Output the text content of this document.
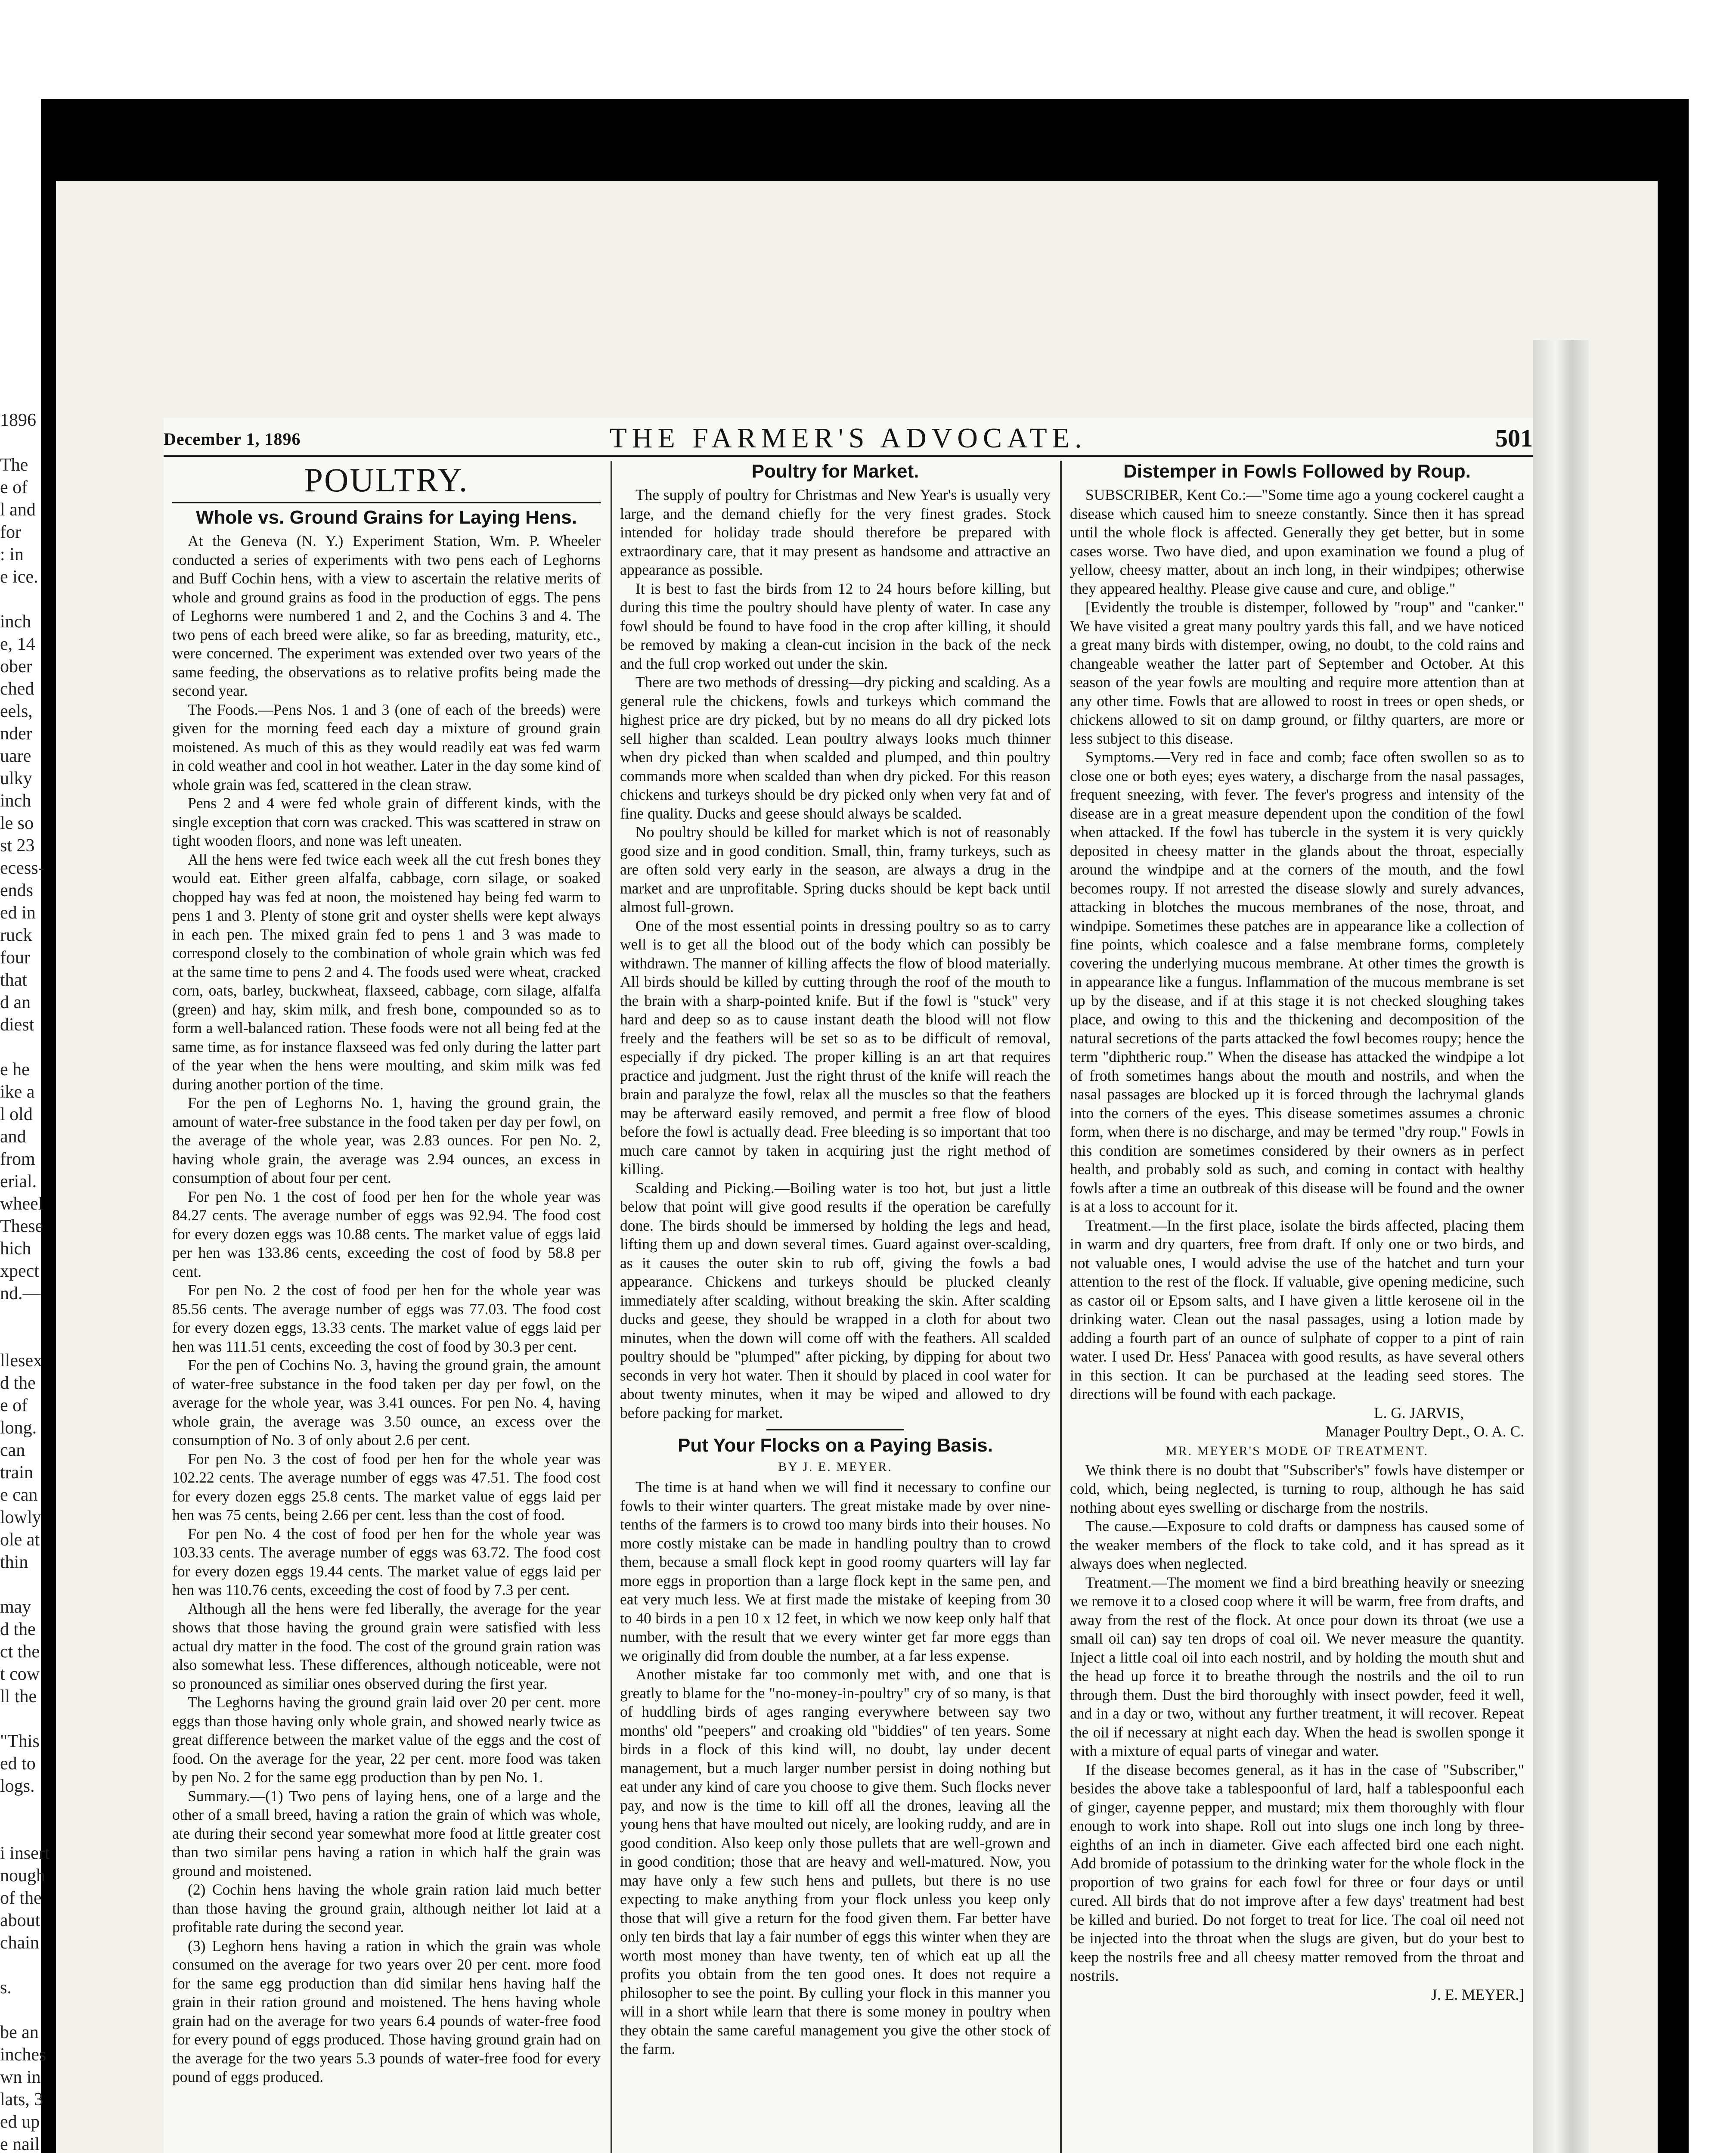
1896

The
e of
l and
for
: in
e ice.

inch
e, 14
ober
ched
eels,
nder
uare
ulky
inch
le so
st 23
ecess-
ends
ed in
ruck
four
that
d an
diest

e he
ike a
l old
and
from
erial.
wheel
These
hich
xpect
nd.—

llesex
d the
e of
long.
can
train
e can
lowly
ole at
thin

may
d the
ct the
t cow
ll the

"This
ed to
logs.

i insert
nough
of the
about
chain

s.

be an
inches
wn in
lats, 3
ed up
e nail

December 1, 1896	THE FARMER'S ADVOCATE.	501
POULTRY.
Whole vs. Ground Grains for Laying Hens.

At the Geneva (N. Y.) Experiment Station, Wm. P. Wheeler conducted a series of experiments with two pens each of Leghorns and Buff Cochin hens, with a view to ascertain the relative merits of whole and ground grains as food in the production of eggs. The pens of Leghorns were numbered 1 and 2, and the Cochins 3 and 4. The two pens of each breed were alike, so far as breeding, maturity, etc., were concerned. The experiment was extended over two years of the same feeding, the observations as to relative profits being made the second year.

The Foods.—Pens Nos. 1 and 3 (one of each of the breeds) were given for the morning feed each day a mixture of ground grain moistened. As much of this as they would readily eat was fed warm in cold weather and cool in hot weather. Later in the day some kind of whole grain was fed, scattered in the clean straw.

Pens 2 and 4 were fed whole grain of different kinds, with the single exception that corn was cracked. This was scattered in straw on tight wooden floors, and none was left uneaten.

All the hens were fed twice each week all the cut fresh bones they would eat. Either green alfalfa, cabbage, corn silage, or soaked chopped hay was fed at noon, the moistened hay being fed warm to pens 1 and 3. Plenty of stone grit and oyster shells were kept always in each pen. The mixed grain fed to pens 1 and 3 was made to correspond closely to the combination of whole grain which was fed at the same time to pens 2 and 4. The foods used were wheat, cracked corn, oats, barley, buckwheat, flaxseed, cabbage, corn silage, alfalfa (green) and hay, skim milk, and fresh bone, compounded so as to form a well-balanced ration. These foods were not all being fed at the same time, as for instance flaxseed was fed only during the latter part of the year when the hens were moulting, and skim milk was fed during another portion of the time.

For the pen of Leghorns No. 1, having the ground grain, the amount of water-free substance in the food taken per day per fowl, on the average of the whole year, was 2.83 ounces. For pen No. 2, having whole grain, the average was 2.94 ounces, an excess in consumption of about four per cent.

For pen No. 1 the cost of food per hen for the whole year was 84.27 cents. The average number of eggs was 92.94. The food cost for every dozen eggs was 10.88 cents. The market value of eggs laid per hen was 133.86 cents, exceeding the cost of food by 58.8 per cent.

For pen No. 2 the cost of food per hen for the whole year was 85.56 cents. The average number of eggs was 77.03. The food cost for every dozen eggs, 13.33 cents. The market value of eggs laid per hen was 111.51 cents, exceeding the cost of food by 30.3 per cent.

For the pen of Cochins No. 3, having the ground grain, the amount of water-free substance in the food taken per day per fowl, on the average for the whole year, was 3.41 ounces. For pen No. 4, having whole grain, the average was 3.50 ounce, an excess over the consumption of No. 3 of only about 2.6 per cent.

For pen No. 3 the cost of food per hen for the whole year was 102.22 cents. The average number of eggs was 47.51. The food cost for every dozen eggs 25.8 cents. The market value of eggs laid per hen was 75 cents, being 2.66 per cent. less than the cost of food.

For pen No. 4 the cost of food per hen for the whole year was 103.33 cents. The average number of eggs was 63.72. The food cost for every dozen eggs 19.44 cents. The market value of eggs laid per hen was 110.76 cents, exceeding the cost of food by 7.3 per cent.

Although all the hens were fed liberally, the average for the year shows that those having the ground grain were satisfied with less actual dry matter in the food. The cost of the ground grain ration was also somewhat less. These differences, although noticeable, were not so pronounced as similiar ones observed during the first year.

The Leghorns having the ground grain laid over 20 per cent. more eggs than those having only whole grain, and showed nearly twice as great difference between the market value of the eggs and the cost of food. On the average for the year, 22 per cent. more food was taken by pen No. 2 for the same egg production than by pen No. 1.

Summary.—(1) Two pens of laying hens, one of a large and the other of a small breed, having a ration the grain of which was whole, ate during their second year somewhat more food at little greater cost than two similar pens having a ration in which half the grain was ground and moistened.

(2) Cochin hens having the whole grain ration laid much better than those having the ground grain, although neither lot laid at a profitable rate during the second year.

(3) Leghorn hens having a ration in which the grain was whole consumed on the average for two years over 20 per cent. more food for the same egg production than did similar hens having half the grain in their ration ground and moistened. The hens having whole grain had on the average for two years 6.4 pounds of water-free food for every pound of eggs produced. Those having ground grain had on the average for the two years 5.3 pounds of water-free food for every pound of eggs produced.

Poultry for Market.

The supply of poultry for Christmas and New Year's is usually very large, and the demand chiefly for the very finest grades. Stock intended for holiday trade should therefore be prepared with extraordinary care, that it may present as handsome and attractive an appearance as possible.

It is best to fast the birds from 12 to 24 hours before killing, but during this time the poultry should have plenty of water. In case any fowl should be found to have food in the crop after killing, it should be removed by making a clean-cut incision in the back of the neck and the full crop worked out under the skin.

There are two methods of dressing—dry picking and scalding. As a general rule the chickens, fowls and turkeys which command the highest price are dry picked, but by no means do all dry picked lots sell higher than scalded. Lean poultry always looks much thinner when dry picked than when scalded and plumped, and thin poultry commands more when scalded than when dry picked. For this reason chickens and turkeys should be dry picked only when very fat and of fine quality. Ducks and geese should always be scalded.

No poultry should be killed for market which is not of reasonably good size and in good condition. Small, thin, framy turkeys, such as are often sold very early in the season, are always a drug in the market and are unprofitable. Spring ducks should be kept back until almost full-grown.

One of the most essential points in dressing poultry so as to carry well is to get all the blood out of the body which can possibly be withdrawn. The manner of killing affects the flow of blood materially. All birds should be killed by cutting through the roof of the mouth to the brain with a sharp-pointed knife. But if the fowl is "stuck" very hard and deep so as to cause instant death the blood will not flow freely and the feathers will be set so as to be difficult of removal, especially if dry picked. The proper killing is an art that requires practice and judgment. Just the right thrust of the knife will reach the brain and paralyze the fowl, relax all the muscles so that the feathers may be afterward easily removed, and permit a free flow of blood before the fowl is actually dead. Free bleeding is so important that too much care cannot by taken in acquiring just the right method of killing.

Scalding and Picking.—Boiling water is too hot, but just a little below that point will give good results if the operation be carefully done. The birds should be immersed by holding the legs and head, lifting them up and down several times. Guard against over-scalding, as it causes the outer skin to rub off, giving the fowls a bad appearance. Chickens and turkeys should be plucked cleanly immediately after scalding, without breaking the skin. After scalding ducks and geese, they should be wrapped in a cloth for about two minutes, when the down will come off with the feathers. All scalded poultry should be "plumped" after picking, by dipping for about two seconds in very hot water. Then it should by placed in cool water for about twenty minutes, when it may be wiped and allowed to dry before packing for market.

Put Your Flocks on a Paying Basis.
BY J. E. MEYER.

The time is at hand when we will find it necessary to confine our fowls to their winter quarters. The great mistake made by over nine-tenths of the farmers is to crowd too many birds into their houses. No more costly mistake can be made in handling poultry than to crowd them, because a small flock kept in good roomy quarters will lay far more eggs in proportion than a large flock kept in the same pen, and eat very much less. We at first made the mistake of keeping from 30 to 40 birds in a pen 10 x 12 feet, in which we now keep only half that number, with the result that we every winter get far more eggs than we originally did from double the number, at a far less expense.

Another mistake far too commonly met with, and one that is greatly to blame for the "no-money-in-poultry" cry of so many, is that of huddling birds of ages ranging everywhere between say two months' old "peepers" and croaking old "biddies" of ten years. Some birds in a flock of this kind will, no doubt, lay under decent management, but a much larger number persist in doing nothing but eat under any kind of care you choose to give them. Such flocks never pay, and now is the time to kill off all the drones, leaving all the young hens that have moulted out nicely, are looking ruddy, and are in good condition. Also keep only those pullets that are well-grown and in good condition; those that are heavy and well-matured. Now, you may have only a few such hens and pullets, but there is no use expecting to make anything from your flock unless you keep only those that will give a return for the food given them. Far better have only ten birds that lay a fair number of eggs this winter when they are worth most money than have twenty, ten of which eat up all the profits you obtain from the ten good ones. It does not require a philosopher to see the point. By culling your flock in this manner you will in a short while learn that there is some money in poultry when they obtain the same careful management you give the other stock of the farm.

Distemper in Fowls Followed by Roup.

SUBSCRIBER, Kent Co.:—"Some time ago a young cockerel caught a disease which caused him to sneeze constantly. Since then it has spread until the whole flock is affected. Generally they get better, but in some cases worse. Two have died, and upon examination we found a plug of yellow, cheesy matter, about an inch long, in their windpipes; otherwise they appeared healthy. Please give cause and cure, and oblige."

[Evidently the trouble is distemper, followed by "roup" and "canker." We have visited a great many poultry yards this fall, and we have noticed a great many birds with distemper, owing, no doubt, to the cold rains and changeable weather the latter part of September and October. At this season of the year fowls are moulting and require more attention than at any other time. Fowls that are allowed to roost in trees or open sheds, or chickens allowed to sit on damp ground, or filthy quarters, are more or less subject to this disease.

Symptoms.—Very red in face and comb; face often swollen so as to close one or both eyes; eyes watery, a discharge from the nasal passages, frequent sneezing, with fever. The fever's progress and intensity of the disease are in a great measure dependent upon the condition of the fowl when attacked. If the fowl has tubercle in the system it is very quickly deposited in cheesy matter in the glands about the throat, especially around the windpipe and at the corners of the mouth, and the fowl becomes roupy. If not arrested the disease slowly and surely advances, attacking in blotches the mucous membranes of the nose, throat, and windpipe. Sometimes these patches are in appearance like a collection of fine points, which coalesce and a false membrane forms, completely covering the underlying mucous membrane. At other times the growth is in appearance like a fungus. Inflammation of the mucous membrane is set up by the disease, and if at this stage it is not checked sloughing takes place, and owing to this and the thickening and decomposition of the natural secretions of the parts attacked the fowl becomes roupy; hence the term "diphtheric roup." When the disease has attacked the windpipe a lot of froth sometimes hangs about the mouth and nostrils, and when the nasal passages are blocked up it is forced through the lachrymal glands into the corners of the eyes. This disease sometimes assumes a chronic form, when there is no discharge, and may be termed "dry roup." Fowls in this condition are sometimes considered by their owners as in perfect health, and probably sold as such, and coming in contact with healthy fowls after a time an outbreak of this disease will be found and the owner is at a loss to account for it.

Treatment.—In the first place, isolate the birds affected, placing them in warm and dry quarters, free from draft. If only one or two birds, and not valuable ones, I would advise the use of the hatchet and turn your attention to the rest of the flock. If valuable, give opening medicine, such as castor oil or Epsom salts, and I have given a little kerosene oil in the drinking water. Clean out the nasal passages, using a lotion made by adding a fourth part of an ounce of sulphate of copper to a pint of rain water. I used Dr. Hess' Panacea with good results, as have several others in this section. It can be purchased at the leading seed stores. The directions will be found with each package.

L. G. JARVIS,

Manager Poultry Dept., O. A. C.

MR. MEYER'S MODE OF TREATMENT.

We think there is no doubt that "Subscriber's" fowls have distemper or cold, which, being neglected, is turning to roup, although he has said nothing about eyes swelling or discharge from the nostrils.

The cause.—Exposure to cold drafts or dampness has caused some of the weaker members of the flock to take cold, and it has spread as it always does when neglected.

Treatment.—The moment we find a bird breathing heavily or sneezing we remove it to a closed coop where it will be warm, free from drafts, and away from the rest of the flock. At once pour down its throat (we use a small oil can) say ten drops of coal oil. We never measure the quantity. Inject a little coal oil into each nostril, and by holding the mouth shut and the head up force it to breathe through the nostrils and the oil to run through them. Dust the bird thoroughly with insect powder, feed it well, and in a day or two, without any further treatment, it will recover. Repeat the oil if necessary at night each day. When the head is swollen sponge it with a mixture of equal parts of vinegar and water.

If the disease becomes general, as it has in the case of "Subscriber," besides the above take a tablespoonful of lard, half a tablespoonful each of ginger, cayenne pepper, and mustard; mix them thoroughly with flour enough to work into shape. Roll out into slugs one inch long by three-eighths of an inch in diameter. Give each affected bird one each night. Add bromide of potassium to the drinking water for the whole flock in the proportion of two grains for each fowl for three or four days or until cured. All birds that do not improve after a few days' treatment had best be killed and buried. Do not forget to treat for lice. The coal oil need not be injected into the throat when the slugs are given, but do your best to keep the nostrils free and all cheesy matter removed from the throat and nostrils.

J. E. MEYER.]
